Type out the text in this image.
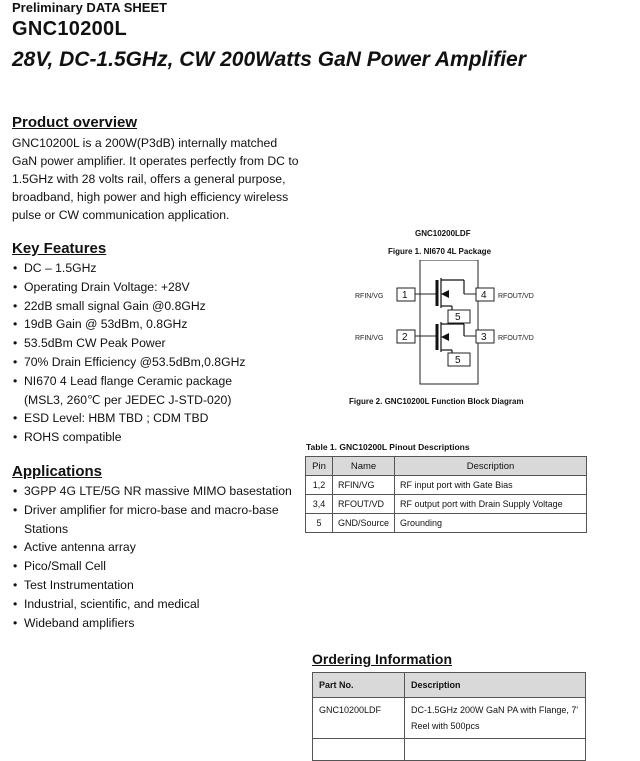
Preliminary DATA SHEET
GNC10200L
28V, DC-1.5GHz, CW 200Watts GaN Power Amplifier
Product overview
GNC10200L is a 200W(P3dB) internally matched GaN power amplifier. It operates perfectly from DC to 1.5GHz with 28 volts rail, offers a general purpose, broadband, high power and high efficiency wireless pulse or CW communication application.
Key Features
• DC – 1.5GHz
• Operating Drain Voltage: +28V
• 22dB small signal Gain @0.8GHz
• 19dB Gain @ 53dBm, 0.8GHz
• 53.5dBm CW Peak Power
• 70% Drain Efficiency @53.5dBm,0.8GHz
• NI670 4 Lead flange Ceramic package
(MSL3, 260℃ per JEDEC J-STD-020)
• ESD Level: HBM TBD ; CDM TBD
• ROHS compatible
Applications
• 3GPP 4G LTE/5G NR massive MIMO basestation
• Driver amplifier for micro-base and macro-base Stations
• Active antenna array
• Pico/Small Cell
• Test Instrumentation
• Industrial, scientific, and medical
• Wideband amplifiers
GNC10200LDF
Figure 1. NI670 4L Package
RFIN/VG 1
5
4 RFOUT/VD
RFIN/VG 2
5
3 RFOUT/VD
Figure 2. GNC10200L Function Block Diagram
Table 1. GNC10200L Pinout Descriptions
Pin	Name	Description
1,2	RFIN/VG	RF input port with Gate Bias
3,4	RFOUT/VD	RF output port with Drain Supply Voltage
5	GND/Source	Grounding
Ordering Information
Part No.	Description
GNC10200LDF	DC-1.5GHz 200W GaN PA with Flange, 7' Reel with 500pcs
